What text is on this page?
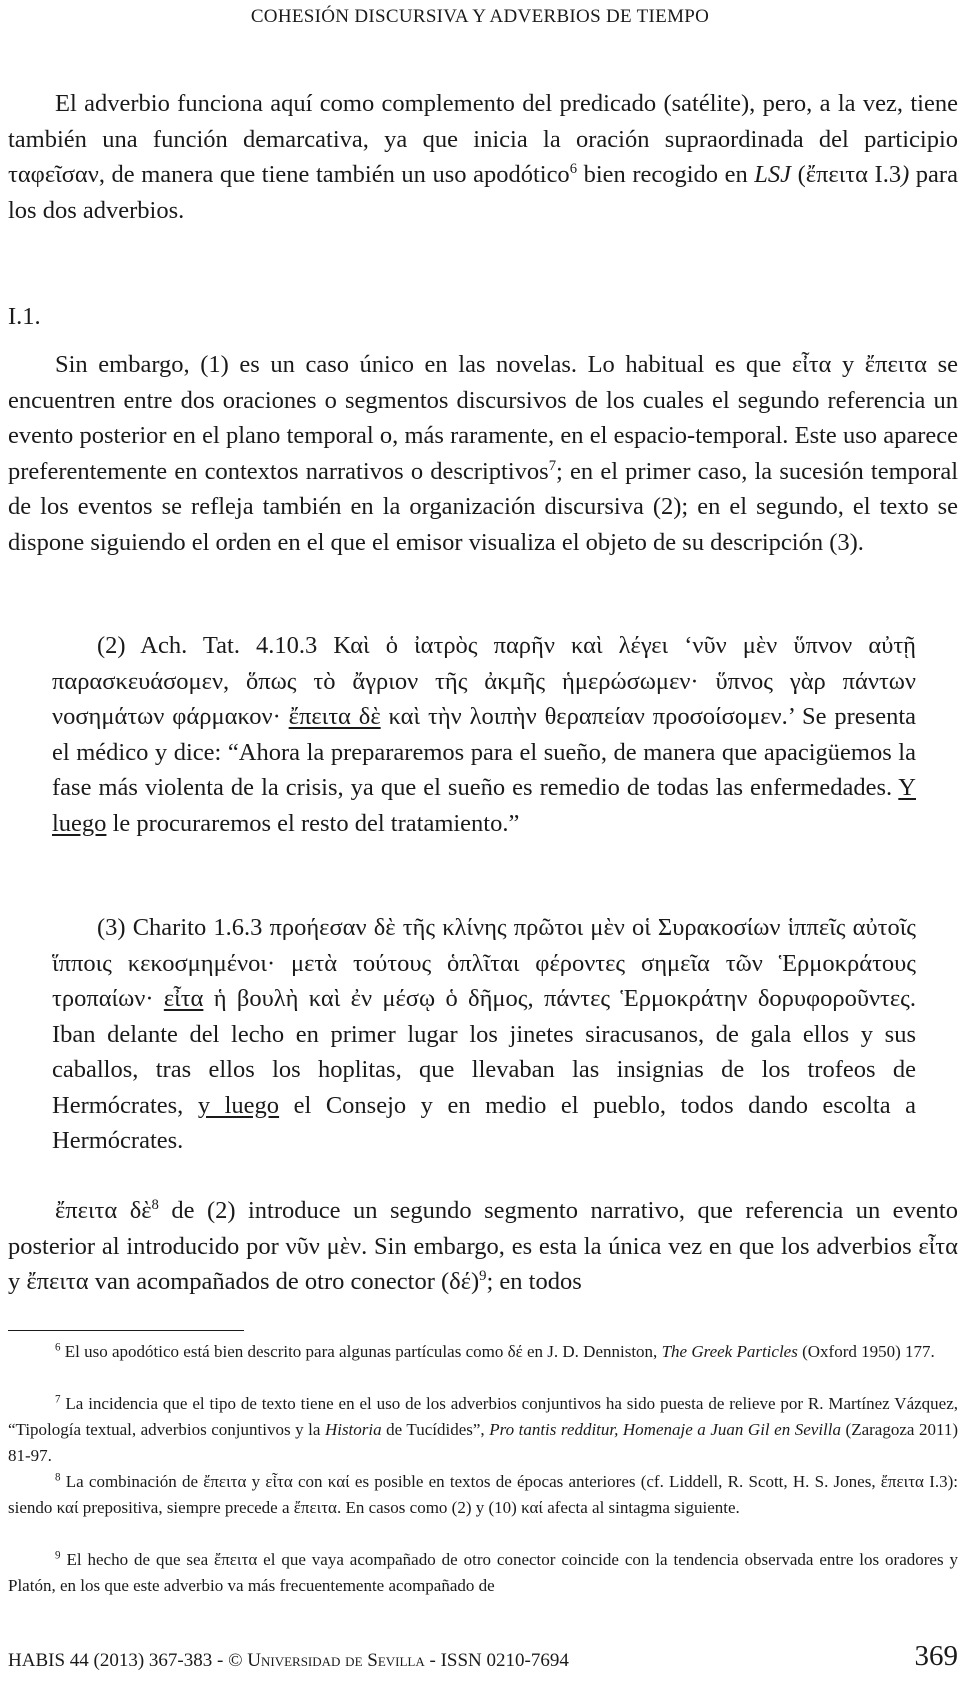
COHESIÓN DISCURSIVA Y ADVERBIOS DE TIEMPO

El adverbio funciona aquí como complemento del predicado (satélite), pero, a la vez, tiene también una función demarcativa, ya que inicia la oración supraordinada del participio ταφεῖσαν, de manera que tiene también un uso apodótico$^6$ bien recogido en LSJ (ἔπειτα I.3) para los dos adverbios.

I.1.

Sin embargo, (1) es un caso único en las novelas. Lo habitual es que εἶτα y ἔπειτα se encuentren entre dos oraciones o segmentos discursivos de los cuales el segundo referencia un evento posterior en el plano temporal o, más raramente, en el espacio-temporal. Este uso aparece preferentemente en contextos narrativos o descriptivos$^7$; en el primer caso, la sucesión temporal de los eventos se refleja también en la organización discursiva (2); en el segundo, el texto se dispone siguiendo el orden en el que el emisor visualiza el objeto de su descripción (3).

(2) Ach. Tat. 4.10.3 Καὶ ὁ ἰατρὸς παρῆν καὶ λέγει ‘νῦν μὲν ὕπνον αὐτῇ παρασκευάσομεν, ὅπως τὸ ἄγριον τῆς ἀκμῆς ἡμερώσωμεν· ὕπνος γὰρ πάντων νοσημάτων φάρμακον· ἔπειτα δὲ καὶ τὴν λοιπὴν θεραπείαν προσοίσομεν.’ Se presenta el médico y dice: “Ahora la prepararemos para el sueño, de manera que apacigüemos la fase más violenta de la crisis, ya que el sueño es remedio de todas las enfermedades. Y luego le procuraremos el resto del tratamiento.”

(3) Charito 1.6.3 προήεσαν δὲ τῆς κλίνης πρῶτοι μὲν οἱ Συρακοσίων ἱππεῖς αὐτοῖς ἵπποις κεκοσμημένοι· μετὰ τούτους ὁπλῖται φέροντες σημεῖα τῶν Ἑρμοκράτους τροπαίων· εἶτα ἡ βουλὴ καὶ ἐν μέσῳ ὁ δῆμος, πάντες Ἑρμοκράτην δορυφοροῦντες. Iban delante del lecho en primer lugar los jinetes siracusanos, de gala ellos y sus caballos, tras ellos los hoplitas, que llevaban las insignias de los trofeos de Hermócrates, y luego el Consejo y en medio el pueblo, todos dando escolta a Hermócrates.

ἔπειτα δὲ$^8$ de (2) introduce un segundo segmento narrativo, que referencia un evento posterior al introducido por νῦν μὲν. Sin embargo, es esta la única vez en que los adverbios εἶτα y ἔπειτα van acompañados de otro conector $(\delta έ)^9$; en todos

$^6$ El uso apodótico está bien descrito para algunas partículas como δέ en J. D. Denniston, The Greek Particles (Oxford 1950) 177.

$^7$ La incidencia que el tipo de texto tiene en el uso de los adverbios conjuntivos ha sido puesta de relieve por R. Martínez Vázquez, “Tipología textual, adverbios conjuntivos y la Historia de Tucídides”, Pro tantis redditur, Homenaje a Juan Gil en Sevilla (Zaragoza 2011) 81-97.

$^8$ La combinación de ἔπειτα y εἶτα con καί es posible en textos de épocas anteriores (cf. Liddell, R. Scott, H. S. Jones, ἔπειτα I.3): siendo καί prepositiva, siempre precede a ἔπειτα. En casos como (2) y (10) καί afecta al sintagma siguiente.

$^9$ El hecho de que sea ἔπειτα el que vaya acompañado de otro conector coincide con la tendencia observada entre los oradores y Platón, en los que este adverbio va más frecuentemente acompañado de

HABIS 44 (2013) 367-383 - © Universidad de Sevilla - ISSN 0210-7694	369
